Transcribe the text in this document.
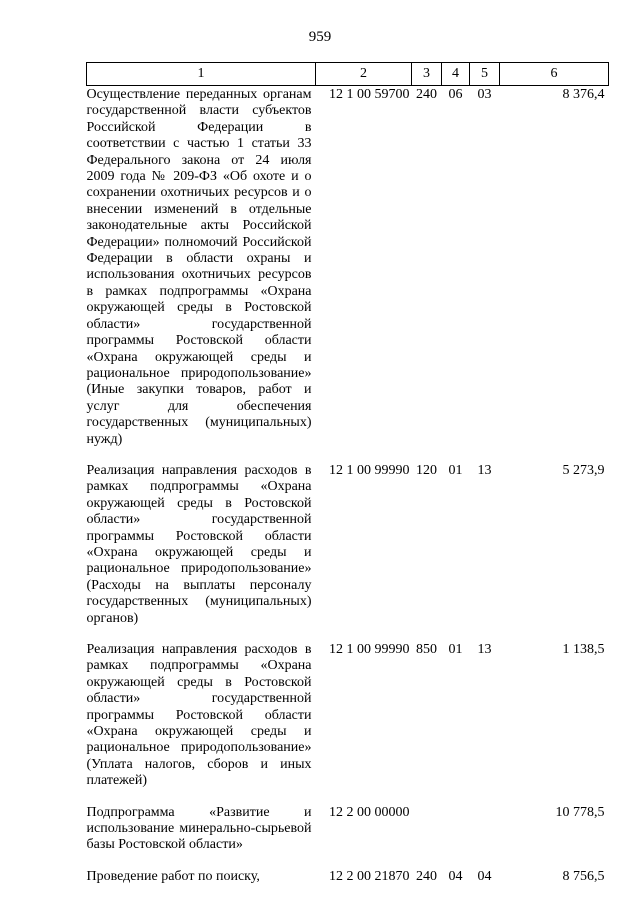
959
1	2	3	4	5	6
Осуществление переданных органам государственной власти субъектов Российской Федерации в соответствии с частью 1 статьи 33 Федерального закона от 24 июля 2009 года № 209-ФЗ «Об охоте и о сохранении охотничьих ресурсов и о внесении изменений в отдельные законодательные акты Российской Федерации» полномочий Российской Федерации в области охраны и использования охотничьих ресурсов в рамках подпрограммы «Охрана окружающей среды в Ростовской области» государственной программы Ростовской области «Охрана окружающей среды и рациональное природопользование» (Иные закупки товаров, работ и услуг для обеспечения государственных (муниципальных) нужд)	12 1 00 59700	240	06	03	8 376,4
Реализация направления расходов в рамках подпрограммы «Охрана окружающей среды в Ростовской области» государственной программы Ростовской области «Охрана окружающей среды и рациональное природопользование» (Расходы на выплаты персоналу государственных (муниципальных) органов)	12 1 00 99990	120	01	13	5 273,9
Реализация направления расходов в рамках подпрограммы «Охрана окружающей среды в Ростовской области» государственной программы Ростовской области «Охрана окружающей среды и рациональное природопользование» (Уплата налогов, сборов и иных платежей)	12 1 00 99990	850	01	13	1 138,5
Подпрограмма «Развитие и использование минерально-сырьевой базы Ростовской области»	12 2 00 00000				10 778,5
Проведение работ по поиску,	12 2 00 21870	240	04	04	8 756,5
